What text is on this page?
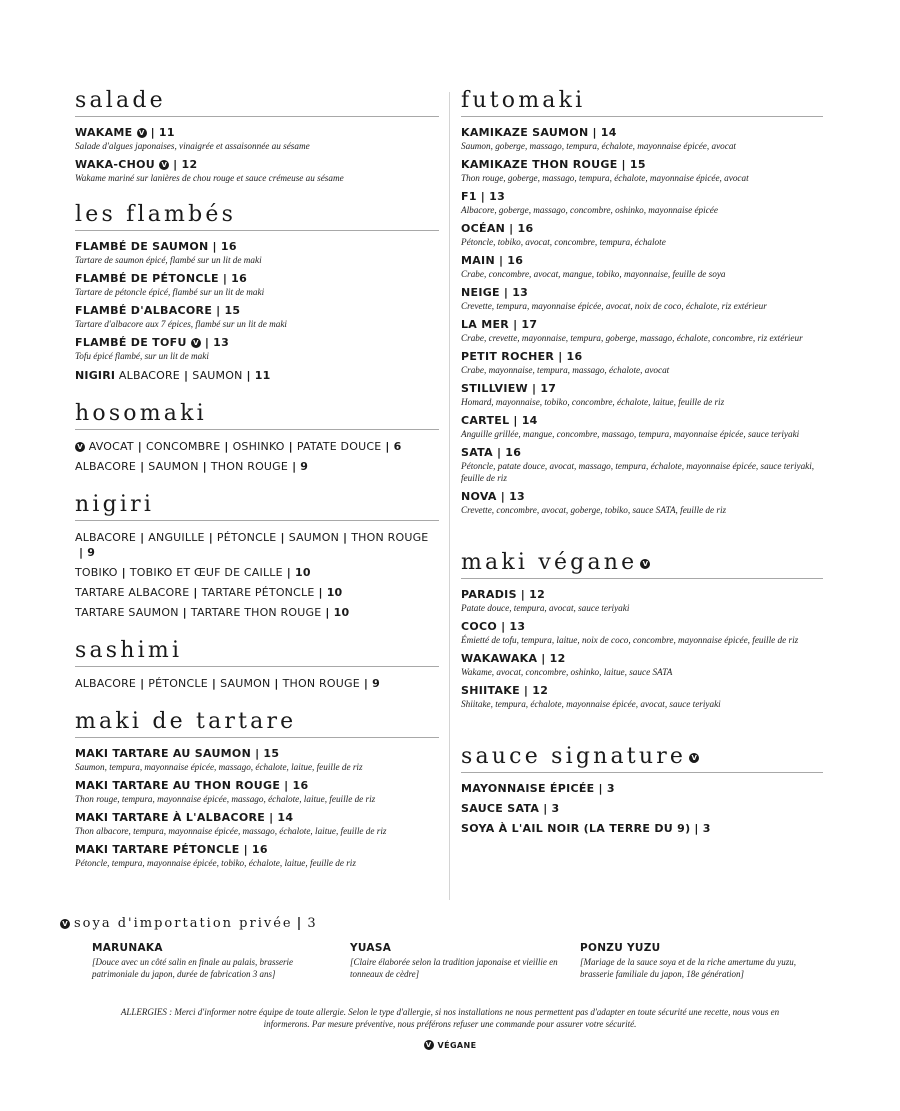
salade
WAKAME V | 11
Salade d'algues japonaises, vinaigrée et assaisonnée au sésame
WAKA-CHOU V | 12
Wakame mariné sur lanières de chou rouge et sauce crémeuse au sésame
les flambés
FLAMBÉ DE SAUMON | 16
Tartare de saumon épicé, flambé sur un lit de maki
FLAMBÉ DE PÉTONCLE | 16
Tartare de pétoncle épicé, flambé sur un lit de maki
FLAMBÉ D'ALBACORE | 15
Tartare d'albacore aux 7 épices, flambé sur un lit de maki
FLAMBÉ DE TOFU V | 13
Tofu épicé flambé, sur un lit de maki
NIGIRI ALBACORE | SAUMON | 11
hosomaki
V AVOCAT | CONCOMBRE | OSHINKO | PATATE DOUCE | 6
ALBACORE | SAUMON | THON ROUGE | 9
nigiri
ALBACORE | ANGUILLE | PÉTONCLE | SAUMON | THON ROUGE| 9
TOBIKO | TOBIKO ET ŒUF DE CAILLE | 10
TARTARE ALBACORE | TARTARE PÉTONCLE | 10
TARTARE SAUMON | TARTARE THON ROUGE | 10
sashimi
ALBACORE | PÉTONCLE | SAUMON | THON ROUGE | 9
maki de tartare
MAKI TARTARE AU SAUMON | 15
Saumon, tempura, mayonnaise épicée, massago, échalote, laitue, feuille de riz
MAKI TARTARE AU THON ROUGE | 16
Thon rouge, tempura, mayonnaise épicée, massago, échalote, laitue, feuille de riz
MAKI TARTARE À L'ALBACORE | 14
Thon albacore, tempura, mayonnaise épicée, massago, échalote, laitue, feuille de riz
MAKI TARTARE PÉTONCLE | 16
Pétoncle, tempura, mayonnaise épicée, tobiko, échalote, laitue, feuille de riz
futomaki
KAMIKAZE SAUMON | 14
Saumon, goberge, massago, tempura, échalote, mayonnaise épicée, avocat
KAMIKAZE THON ROUGE | 15
Thon rouge, goberge, massago, tempura, échalote, mayonnaise épicée, avocat
F1 | 13
Albacore, goberge, massago, concombre, oshinko, mayonnaise épicée
OCÉAN | 16
Pétoncle, tobiko, avocat, concombre, tempura, échalote
MAIN | 16
Crabe, concombre, avocat, mangue, tobiko, mayonnaise, feuille de soya
NEIGE | 13
Crevette, tempura, mayonnaise épicée, avocat, noix de coco, échalote, riz extérieur
LA MER | 17
Crabe, crevette, mayonnaise, tempura, goberge, massago, échalote, concombre, riz extérieur
PETIT ROCHER | 16
Crabe, mayonnaise, tempura, massago, échalote, avocat
STILLVIEW | 17
Homard, mayonnaise, tobiko, concombre, échalote, laitue, feuille de riz
CARTEL | 14
Anguille grillée, mangue, concombre, massago, tempura, mayonnaise épicée, sauce teriyaki
SATA | 16
Pétoncle, patate douce, avocat, massago, tempura, échalote, mayonnaise épicée, sauce teriyaki, feuille de riz
NOVA | 13
Crevette, concombre, avocat, goberge, tobiko, sauce SATA, feuille de riz
maki végane V
PARADIS | 12
Patate douce, tempura, avocat, sauce teriyaki
COCO | 13
Émietté de tofu, tempura, laitue, noix de coco, concombre, mayonnaise épicée, feuille de riz
WAKAWAKA | 12
Wakame, avocat, concombre, oshinko, laitue, sauce SATA
SHIITAKE | 12
Shiitake, tempura, échalote, mayonnaise épicée, avocat, sauce teriyaki
sauce signature V
MAYONNAISE ÉPICÉE | 3
SAUCE SATA | 3
SOYA À L'AIL NOIR (LA TERRE DU 9) | 3
V soya d'importation privée | 3
MARUNAKA
[Douce avec un côté salin en finale au palais, brasserie patrimoniale du japon, durée de fabrication 3 ans]
YUASA
[Claire élaborée selon la tradition japonaise et vieillie en tonneaux de cèdre]
PONZU YUZU
[Mariage de la sauce soya et de la riche amertume du yuzu, brasserie familiale du japon, 18e génération]
ALLERGIES : Merci d'informer notre équipe de toute allergie. Selon le type d'allergie, si nos installations ne nous permettent pas d'adapter en toute sécurité une recette, nous vous en informerons. Par mesure préventive, nous préférons refuser une commande pour assurer votre sécurité.
V VÉGANE
